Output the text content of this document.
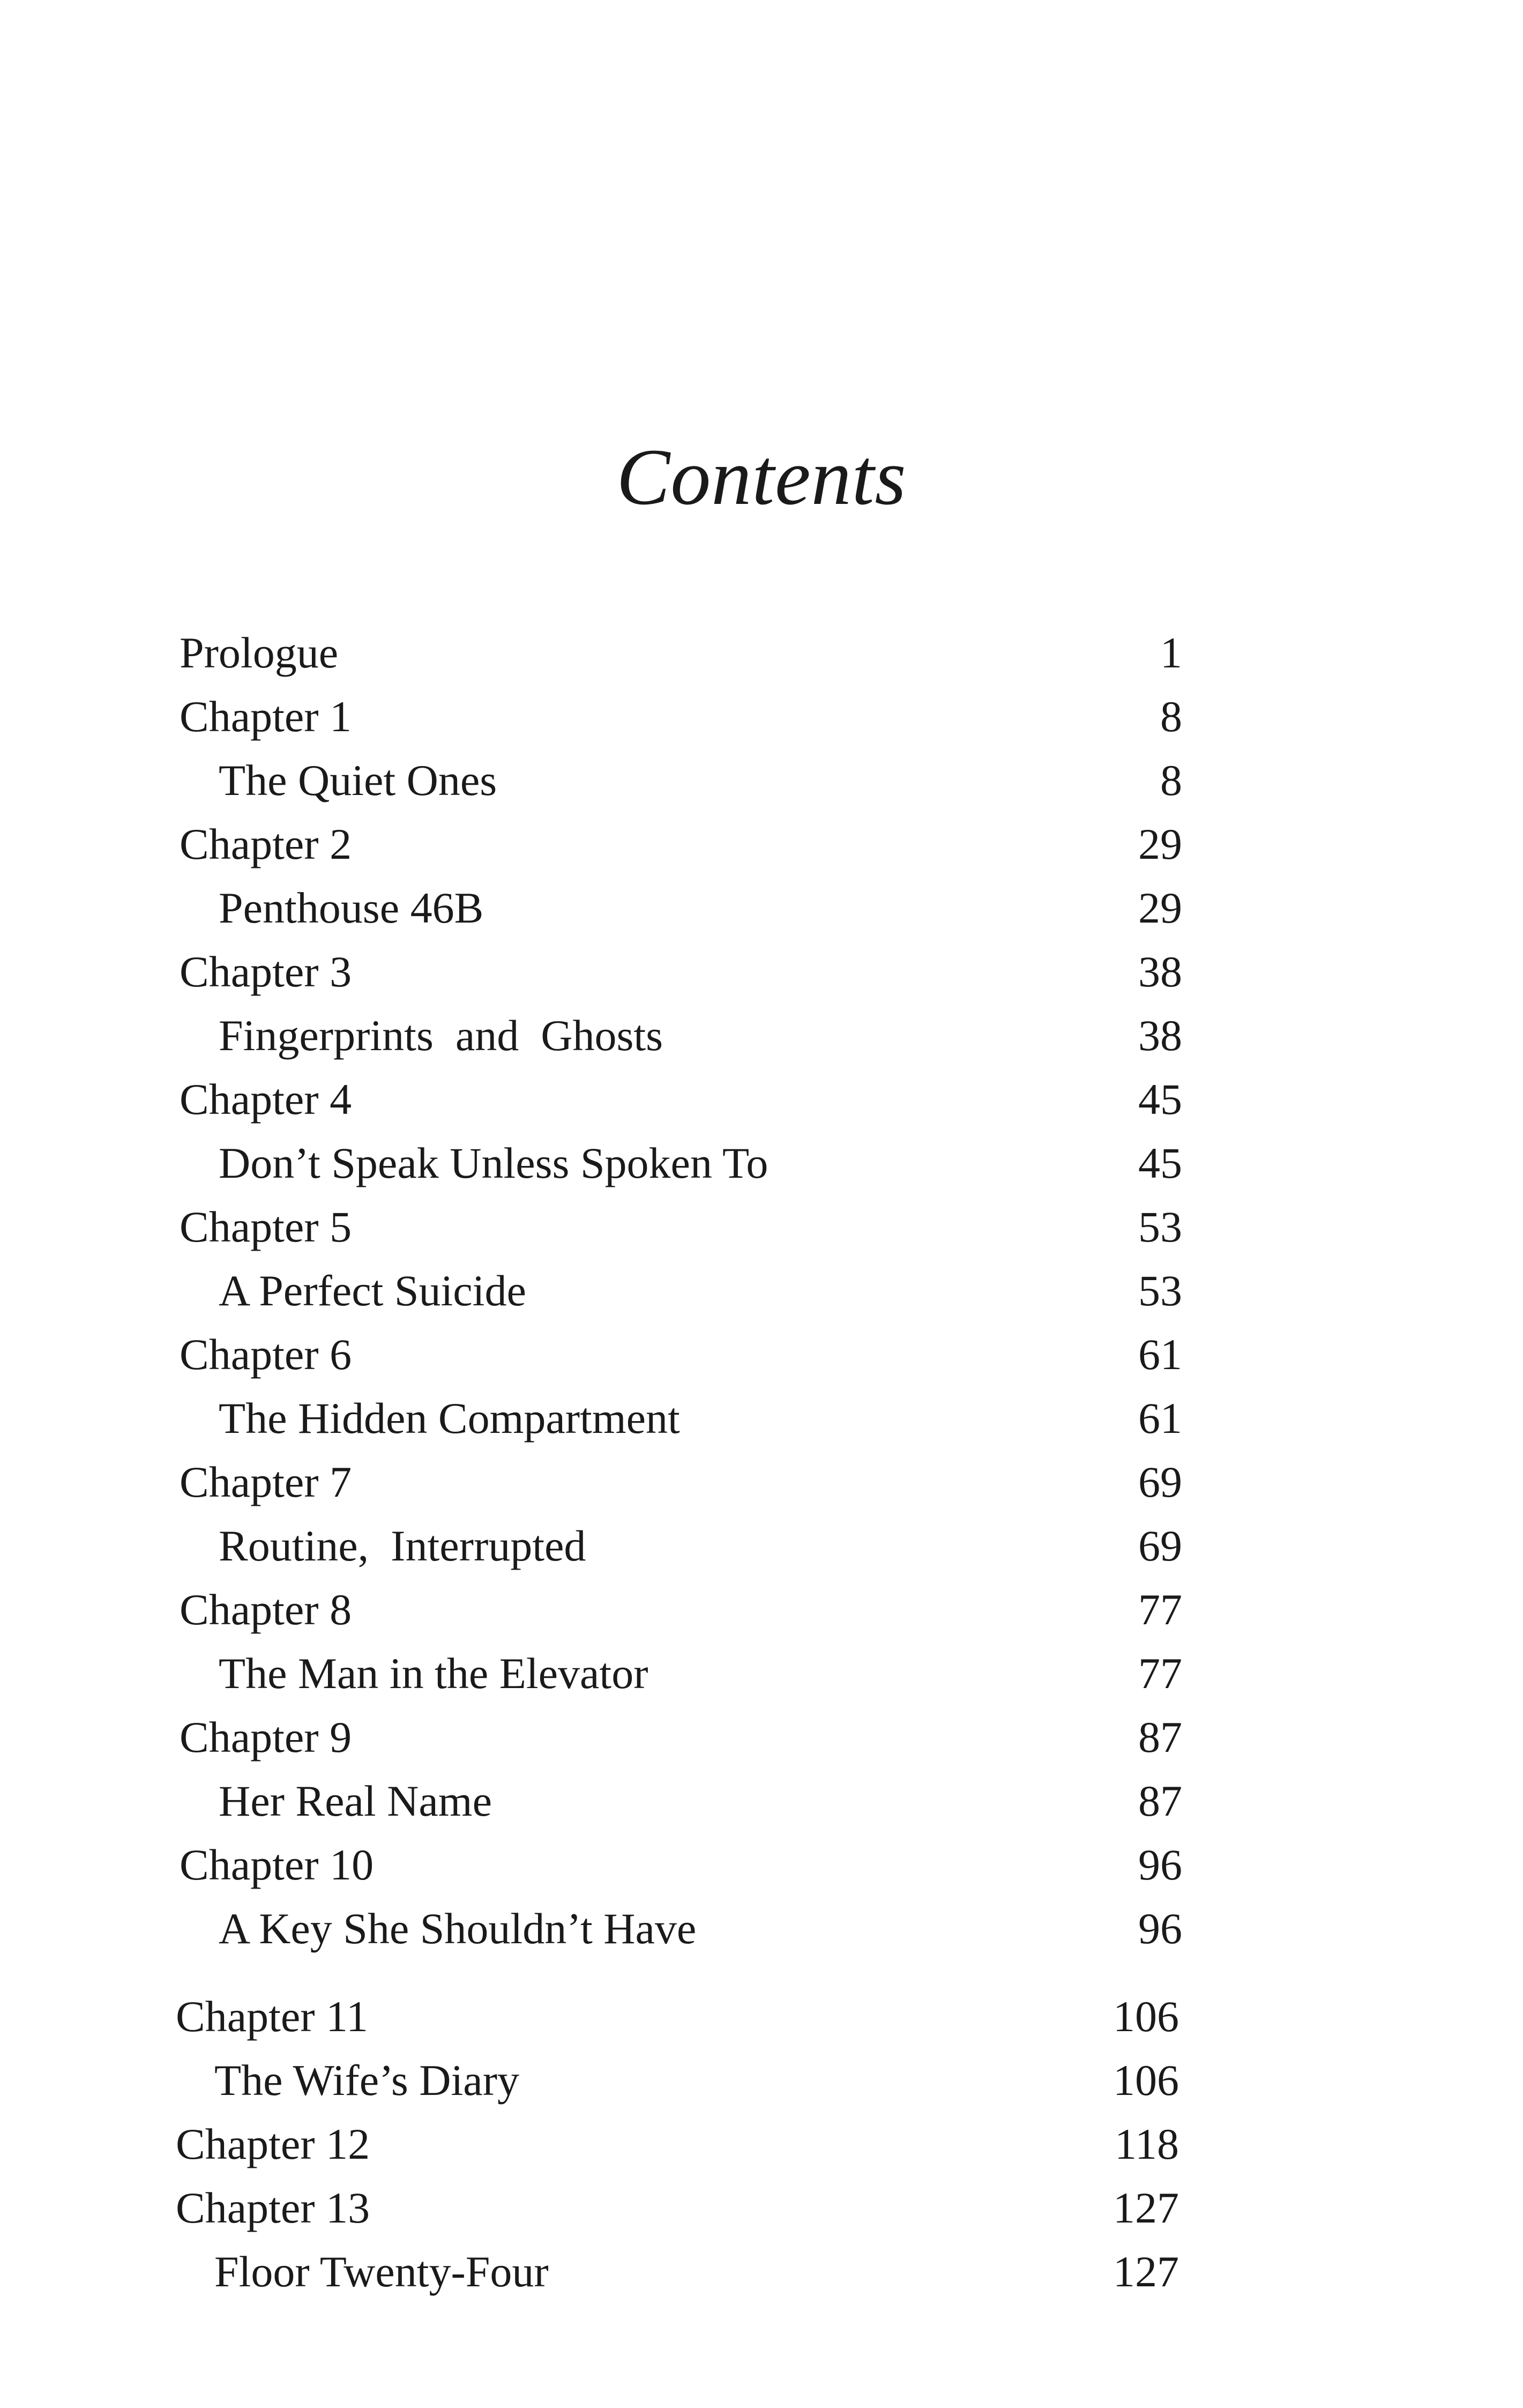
Contents
Prologue	1
Chapter 1	8
The Quiet Ones	8
Chapter 2	29
Penthouse 46B	29
Chapter 3	38
Fingerprints  and  Ghosts	38
Chapter 4	45
Don’t Speak Unless Spoken To	45
Chapter 5	53
A Perfect Suicide	53
Chapter 6	61
The Hidden Compartment	61
Chapter 7	69
Routine,  Interrupted	69
Chapter 8	77
The Man in the Elevator	77
Chapter 9	87
Her Real Name	87
Chapter 10	96
A Key She Shouldn’t Have	96
Chapter 11	106
The Wife’s Diary	106
Chapter 12	118
Chapter 13	127
Floor Twenty-Four	127
